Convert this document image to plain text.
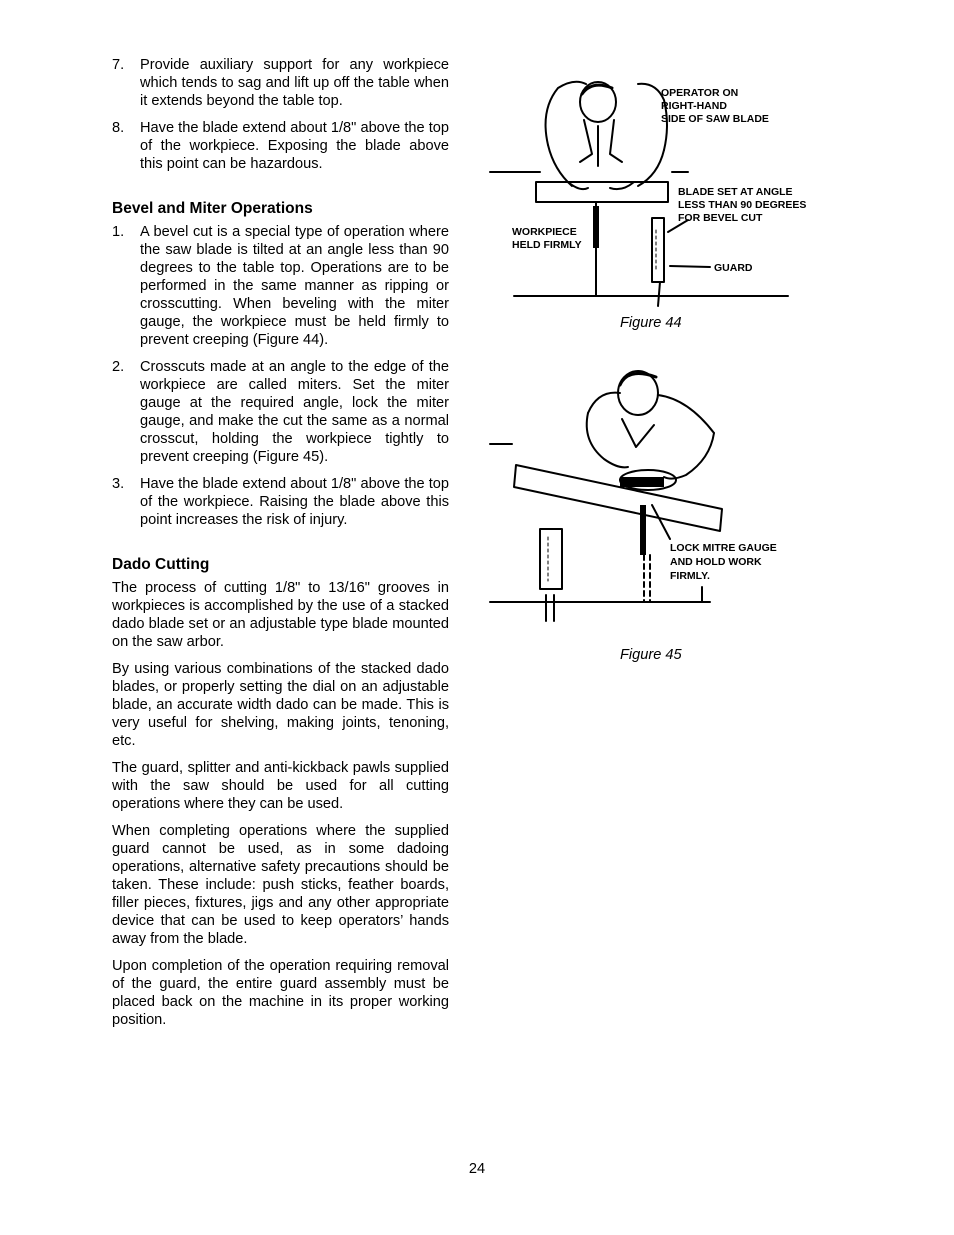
7.	Provide auxiliary support for any workpiece which tends to sag and lift up off the table when it extends beyond the table top.
8.	Have the blade extend about 1/8" above the top of the workpiece. Exposing the blade above this point can be hazardous.
Bevel and Miter Operations
1.	A bevel cut is a special type of operation where the saw blade is tilted at an angle less than 90 degrees to the table top. Operations are to be performed in the same manner as ripping or crosscutting. When beveling with the miter gauge, the workpiece must be held firmly to prevent creeping (Figure 44).
2.	Crosscuts made at an angle to the edge of the workpiece are called miters. Set the miter gauge at the required angle, lock the miter gauge, and make the cut the same as a normal crosscut, holding the workpiece tightly to prevent creeping (Figure 45).
3.	Have the blade extend about 1/8" above the top of the workpiece. Raising the blade above this point increases the risk of injury.
Dado Cutting

The process of cutting 1/8" to 13/16" grooves in workpieces is accomplished by the use of a stacked dado blade set or an adjustable type blade mounted on the saw arbor.

By using various combinations of the stacked dado blades, or properly setting the dial on an adjustable blade, an accurate width dado can be made. This is very useful for shelving, making joints, tenoning, etc.

The guard, splitter and anti-kickback pawls supplied with the saw should be used for all cutting operations where they can be used.

When completing operations where the supplied guard cannot be used, as in some dadoing operations, alternative safety precautions should be taken. These include: push sticks, feather boards, filler pieces, fixtures, jigs and any other appropriate device that can be used to keep operators’ hands away from the blade.

Upon completion of the operation requiring removal of the guard, the entire guard assembly must be placed back on the machine in its proper working position.

OPERATOR ON
RIGHT-HAND
SIDE OF SAW BLADE
BLADE SET AT ANGLE
LESS THAN 90 DEGREES
FOR BEVEL CUT
WORKPIECE
HELD FIRMLY
GUARD
Figure 44
LOCK MITRE GAUGE
AND HOLD WORK
FIRMLY.
Figure 45
24
